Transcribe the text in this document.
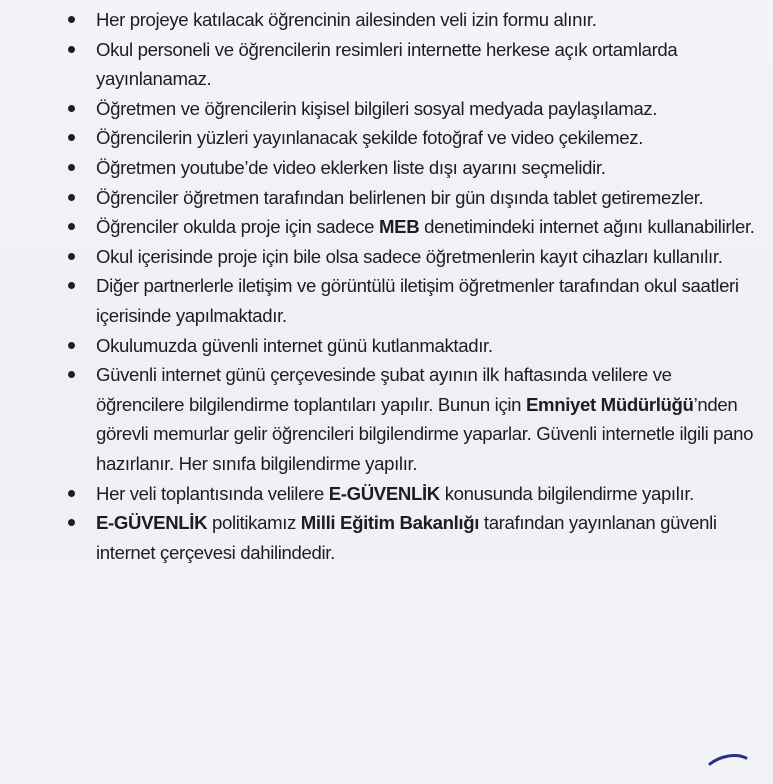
Her projeye katılacak öğrencinin ailesinden veli izin formu alınır.
Okul personeli ve öğrencilerin resimleri internette herkese açık ortamlarda yayınlanamaz.
Öğretmen ve öğrencilerin kişisel bilgileri sosyal medyada paylaşılamaz.
Öğrencilerin yüzleri yayınlanacak şekilde fotoğraf ve video çekilemez.
Öğretmen youtube’de video eklerken liste dışı ayarını seçmelidir.
Öğrenciler öğretmen tarafından belirlenen bir gün dışında tablet getiremezler.
Öğrenciler okulda proje için sadece MEB denetimindeki internet ağını kullanabilirler.
Okul içerisinde proje için bile olsa sadece öğretmenlerin kayıt cihazları kullanılır.
Diğer partnerlerle iletişim ve görüntülü iletişim öğretmenler tarafından okul saatleri içerisinde yapılmaktadır.
Okulumuzda güvenli internet günü kutlanmaktadır.
Güvenli internet günü çerçevesinde şubat ayının ilk haftasında velilere ve öğrencilere bilgilendirme toplantıları yapılır. Bunun için Emniyet Müdürlüğü’nden görevli memurlar gelir öğrencileri bilgilendirme yaparlar. Güvenli internetle ilgili pano hazırlanır. Her sınıfa bilgilendirme yapılır.
Her veli toplantısında velilere E-GÜVENLİK konusunda bilgilendirme yapılır.
E-GÜVENLİK politikamız Milli Eğitim Bakanlığı tarafından yayınlanan güvenli internet çerçevesi dahilindedir.
